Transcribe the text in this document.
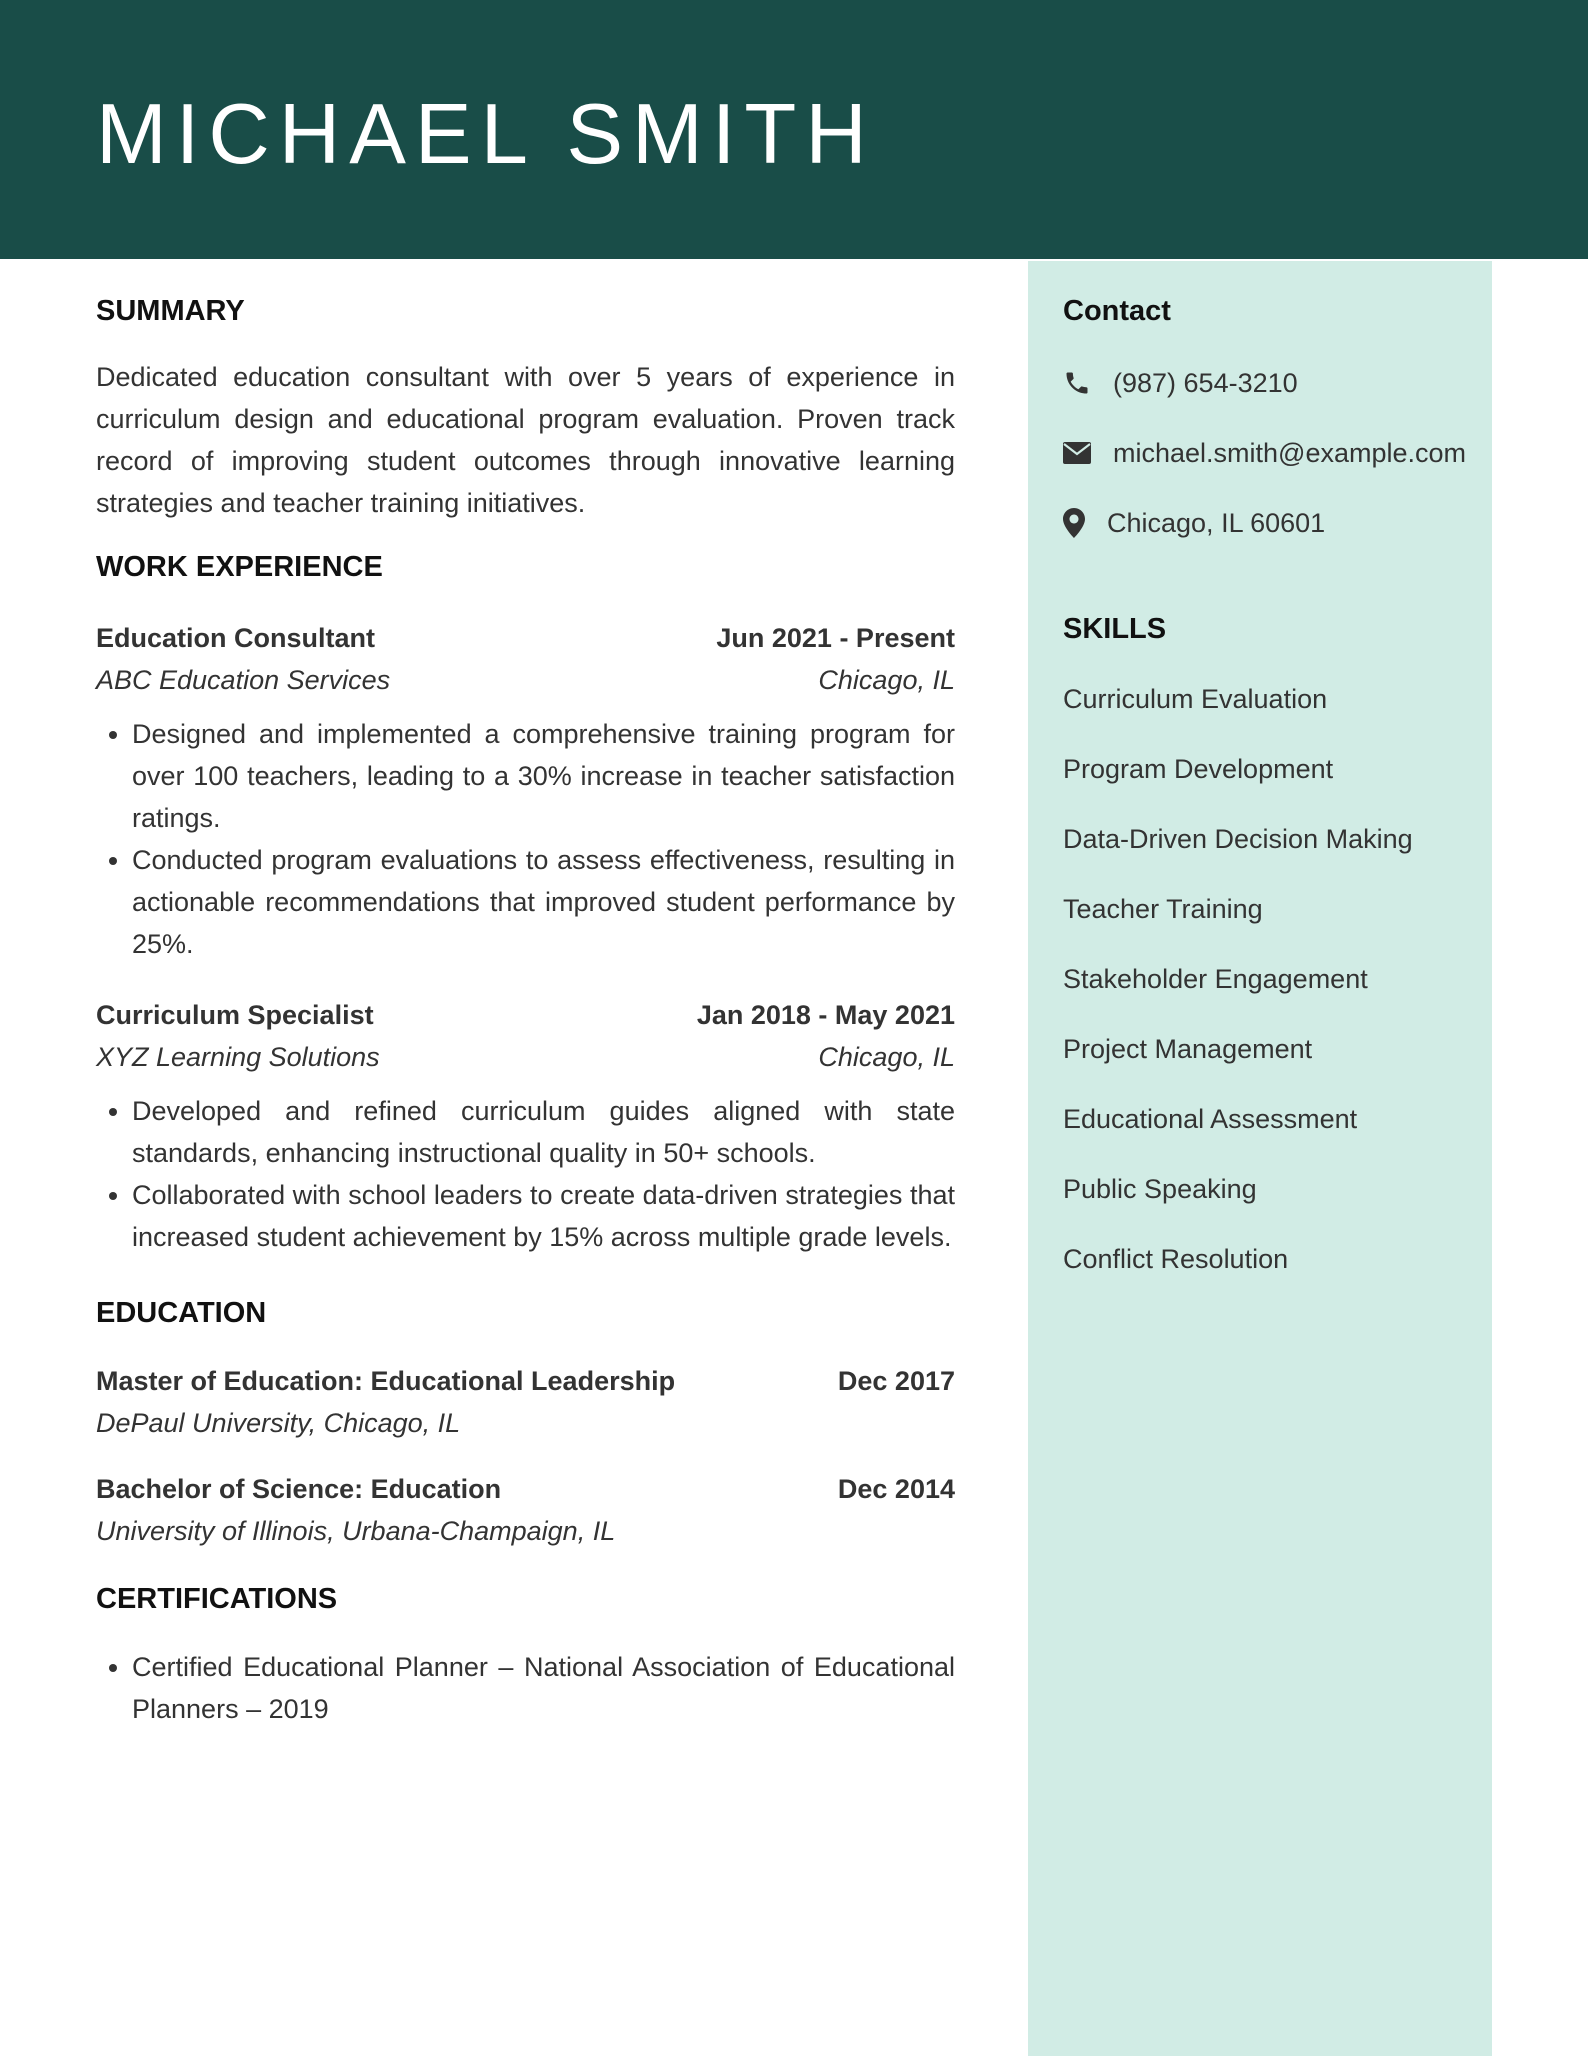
MICHAEL SMITH
SUMMARY

Dedicated education consultant with over 5 years of experience in curriculum design and educational program evaluation. Proven track record of improving student outcomes through innovative learning strategies and teacher training initiatives.

WORK EXPERIENCE
Education Consultant	Jun 2021 - Present
ABC Education Services	Chicago, IL
• Designed and implemented a comprehensive training program for over 100 teachers, leading to a 30% increase in teacher satisfaction ratings.
• Conducted program evaluations to assess effectiveness, resulting in actionable recommendations that improved student performance by 25%.
Curriculum Specialist	Jan 2018 - May 2021
XYZ Learning Solutions	Chicago, IL
• Developed and refined curriculum guides aligned with state standards, enhancing instructional quality in 50+ schools.
• Collaborated with school leaders to create data-driven strategies that increased student achievement by 15% across multiple grade levels.
EDUCATION
Master of Education: Educational Leadership	Dec 2017
DePaul University, Chicago, IL
Bachelor of Science: Education	Dec 2014
University of Illinois, Urbana-Champaign, IL
CERTIFICATIONS
• Certified Educational Planner – National Association of Educational Planners – 2019
Contact
(987) 654-3210
michael.smith@example.com
Chicago, IL 60601
SKILLS
Curriculum Evaluation
Program Development
Data-Driven Decision Making
Teacher Training
Stakeholder Engagement
Project Management
Educational Assessment
Public Speaking
Conflict Resolution
